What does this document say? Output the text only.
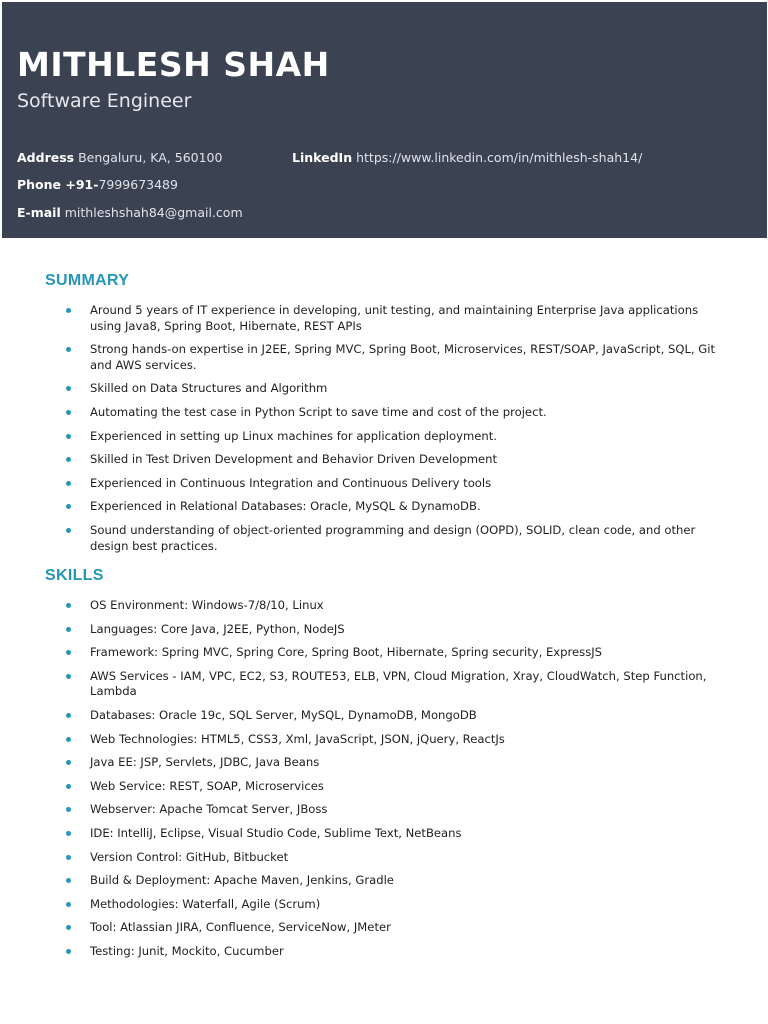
MITHLESH SHAH
Software Engineer
Address Bengaluru, KA, 560100	LinkedIn https://www.linkedin.com/in/mithlesh-shah14/
Phone +91-7999673489
E-mail mithleshshah84@gmail.com
SUMMARY
Around 5 years of IT experience in developing, unit testing, and maintaining Enterprise Java applications using Java8, Spring Boot, Hibernate, REST APIs
Strong hands-on expertise in J2EE, Spring MVC, Spring Boot, Microservices, REST/SOAP, JavaScript, SQL, Git and AWS services.
Skilled on Data Structures and Algorithm
Automating the test case in Python Script to save time and cost of the project.
Experienced in setting up Linux machines for application deployment.
Skilled in Test Driven Development and Behavior Driven Development
Experienced in Continuous Integration and Continuous Delivery tools
Experienced in Relational Databases: Oracle, MySQL & DynamoDB.
Sound understanding of object-oriented programming and design (OOPD), SOLID, clean code, and other design best practices.
SKILLS
OS Environment: Windows-7/8/10, Linux
Languages: Core Java, J2EE, Python, NodeJS
Framework: Spring MVC, Spring Core, Spring Boot, Hibernate, Spring security, ExpressJS
AWS Services - IAM, VPC, EC2, S3, ROUTE53, ELB, VPN, Cloud Migration, Xray, CloudWatch, Step Function, Lambda
Databases: Oracle 19c, SQL Server, MySQL, DynamoDB, MongoDB
Web Technologies: HTML5, CSS3, Xml, JavaScript, JSON, jQuery, ReactJs
Java EE: JSP, Servlets, JDBC, Java Beans
Web Service: REST, SOAP, Microservices
Webserver: Apache Tomcat Server, JBoss
IDE: IntelliJ, Eclipse, Visual Studio Code, Sublime Text, NetBeans
Version Control: GitHub, Bitbucket
Build & Deployment: Apache Maven, Jenkins, Gradle
Methodologies: Waterfall, Agile (Scrum)
Tool: Atlassian JIRA, Confluence, ServiceNow, JMeter
Testing: Junit, Mockito, Cucumber
